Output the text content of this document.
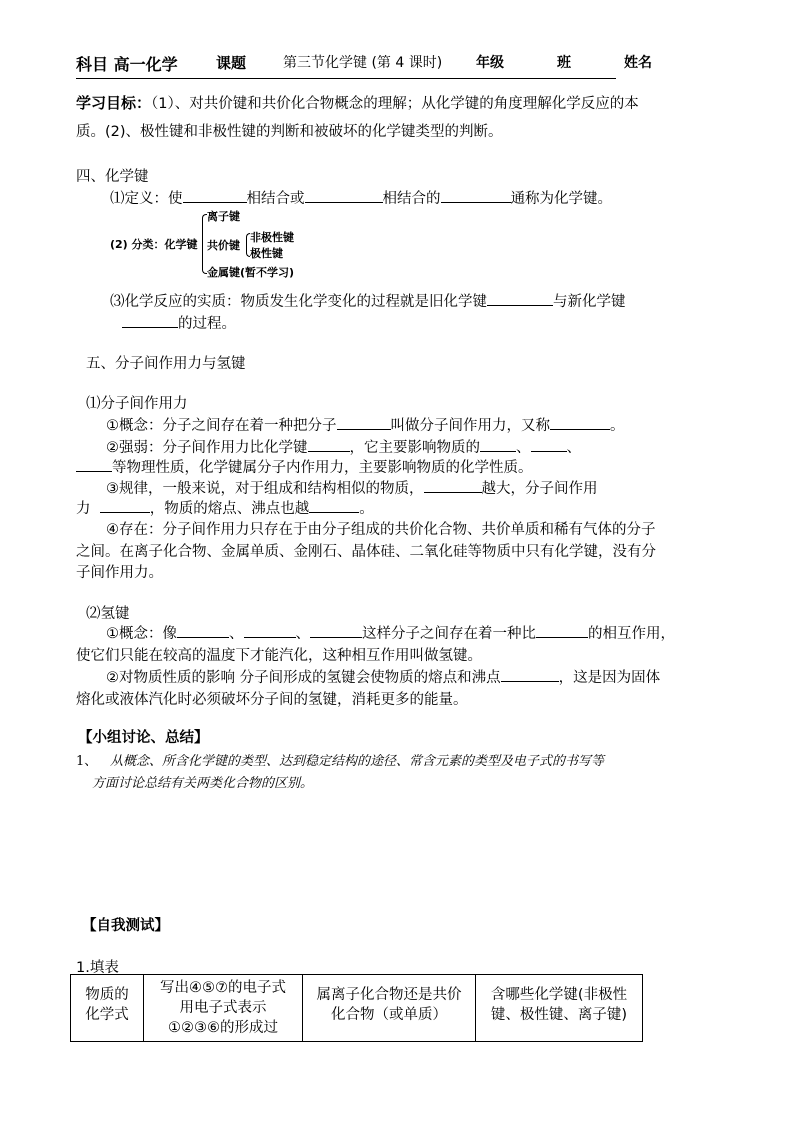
科目 高一化学	课题	第三节化学键 (第 4 课时) 年级	班	姓名
学习目标：（1）、对共价键和共价化合物概念的理解；从化学键的角度理解化学反应的本
质。(2)、极性键和非极性键的判断和被破坏的化学键类型的判断。
四、化学键
⑴定义：使	相结合或	相结合的	通称为化学键。
(2) 分类：化学键
离子键
共价键
非极性键
极性键
金属键(暂不学习)
⑶化学反应的实质：物质发生化学变化的过程就是旧化学键	与新化学键
的过程。
五、分子间作用力与氢键
⑴分子间作用力
①概念：分子之间存在着一种把分子	叫做分子间作用力，又称	。
②强弱：分子间作用力比化学键	，它主要影响物质的 、 、
等物理性质，化学键属分子内作用力，主要影响物质的化学性质。
③规律，一般来说，对于组成和结构相似的物质，	越大，分子间作用
力	，物质的熔点、沸点也越	。
④存在：分子间作用力只存在于由分子组成的共价化合物、共价单质和稀有气体的分子
之间。在离子化合物、金属单质、金刚石、晶体硅、二氧化硅等物质中只有化学键，没有分
子间作用力。
⑵氢键
①概念：像	、	、	这样分子之间存在着一种比	的相互作用，
使它们只能在较高的温度下才能汽化，这种相互作用叫做氢键。
②对物质性质的影响 分子间形成的氢键会使物质的熔点和沸点	，这是因为固体
熔化或液体汽化时必须破坏分子间的氢键，消耗更多的能量。
【小组讨论、总结】
1、 从概念、所含化学键的类型、达到稳定结构的途径、常含元素的类型及电子式的书写等
方面讨论总结有关两类化合物的区别。
【自我测试】
1.填表
物质的
化学式

写出④⑤⑦的电子式
用电子式表示
①②③⑥的形成过

属离子化合物还是共价
化合物（或单质）

含哪些化学键(非极性
键、极性键、离子键)
